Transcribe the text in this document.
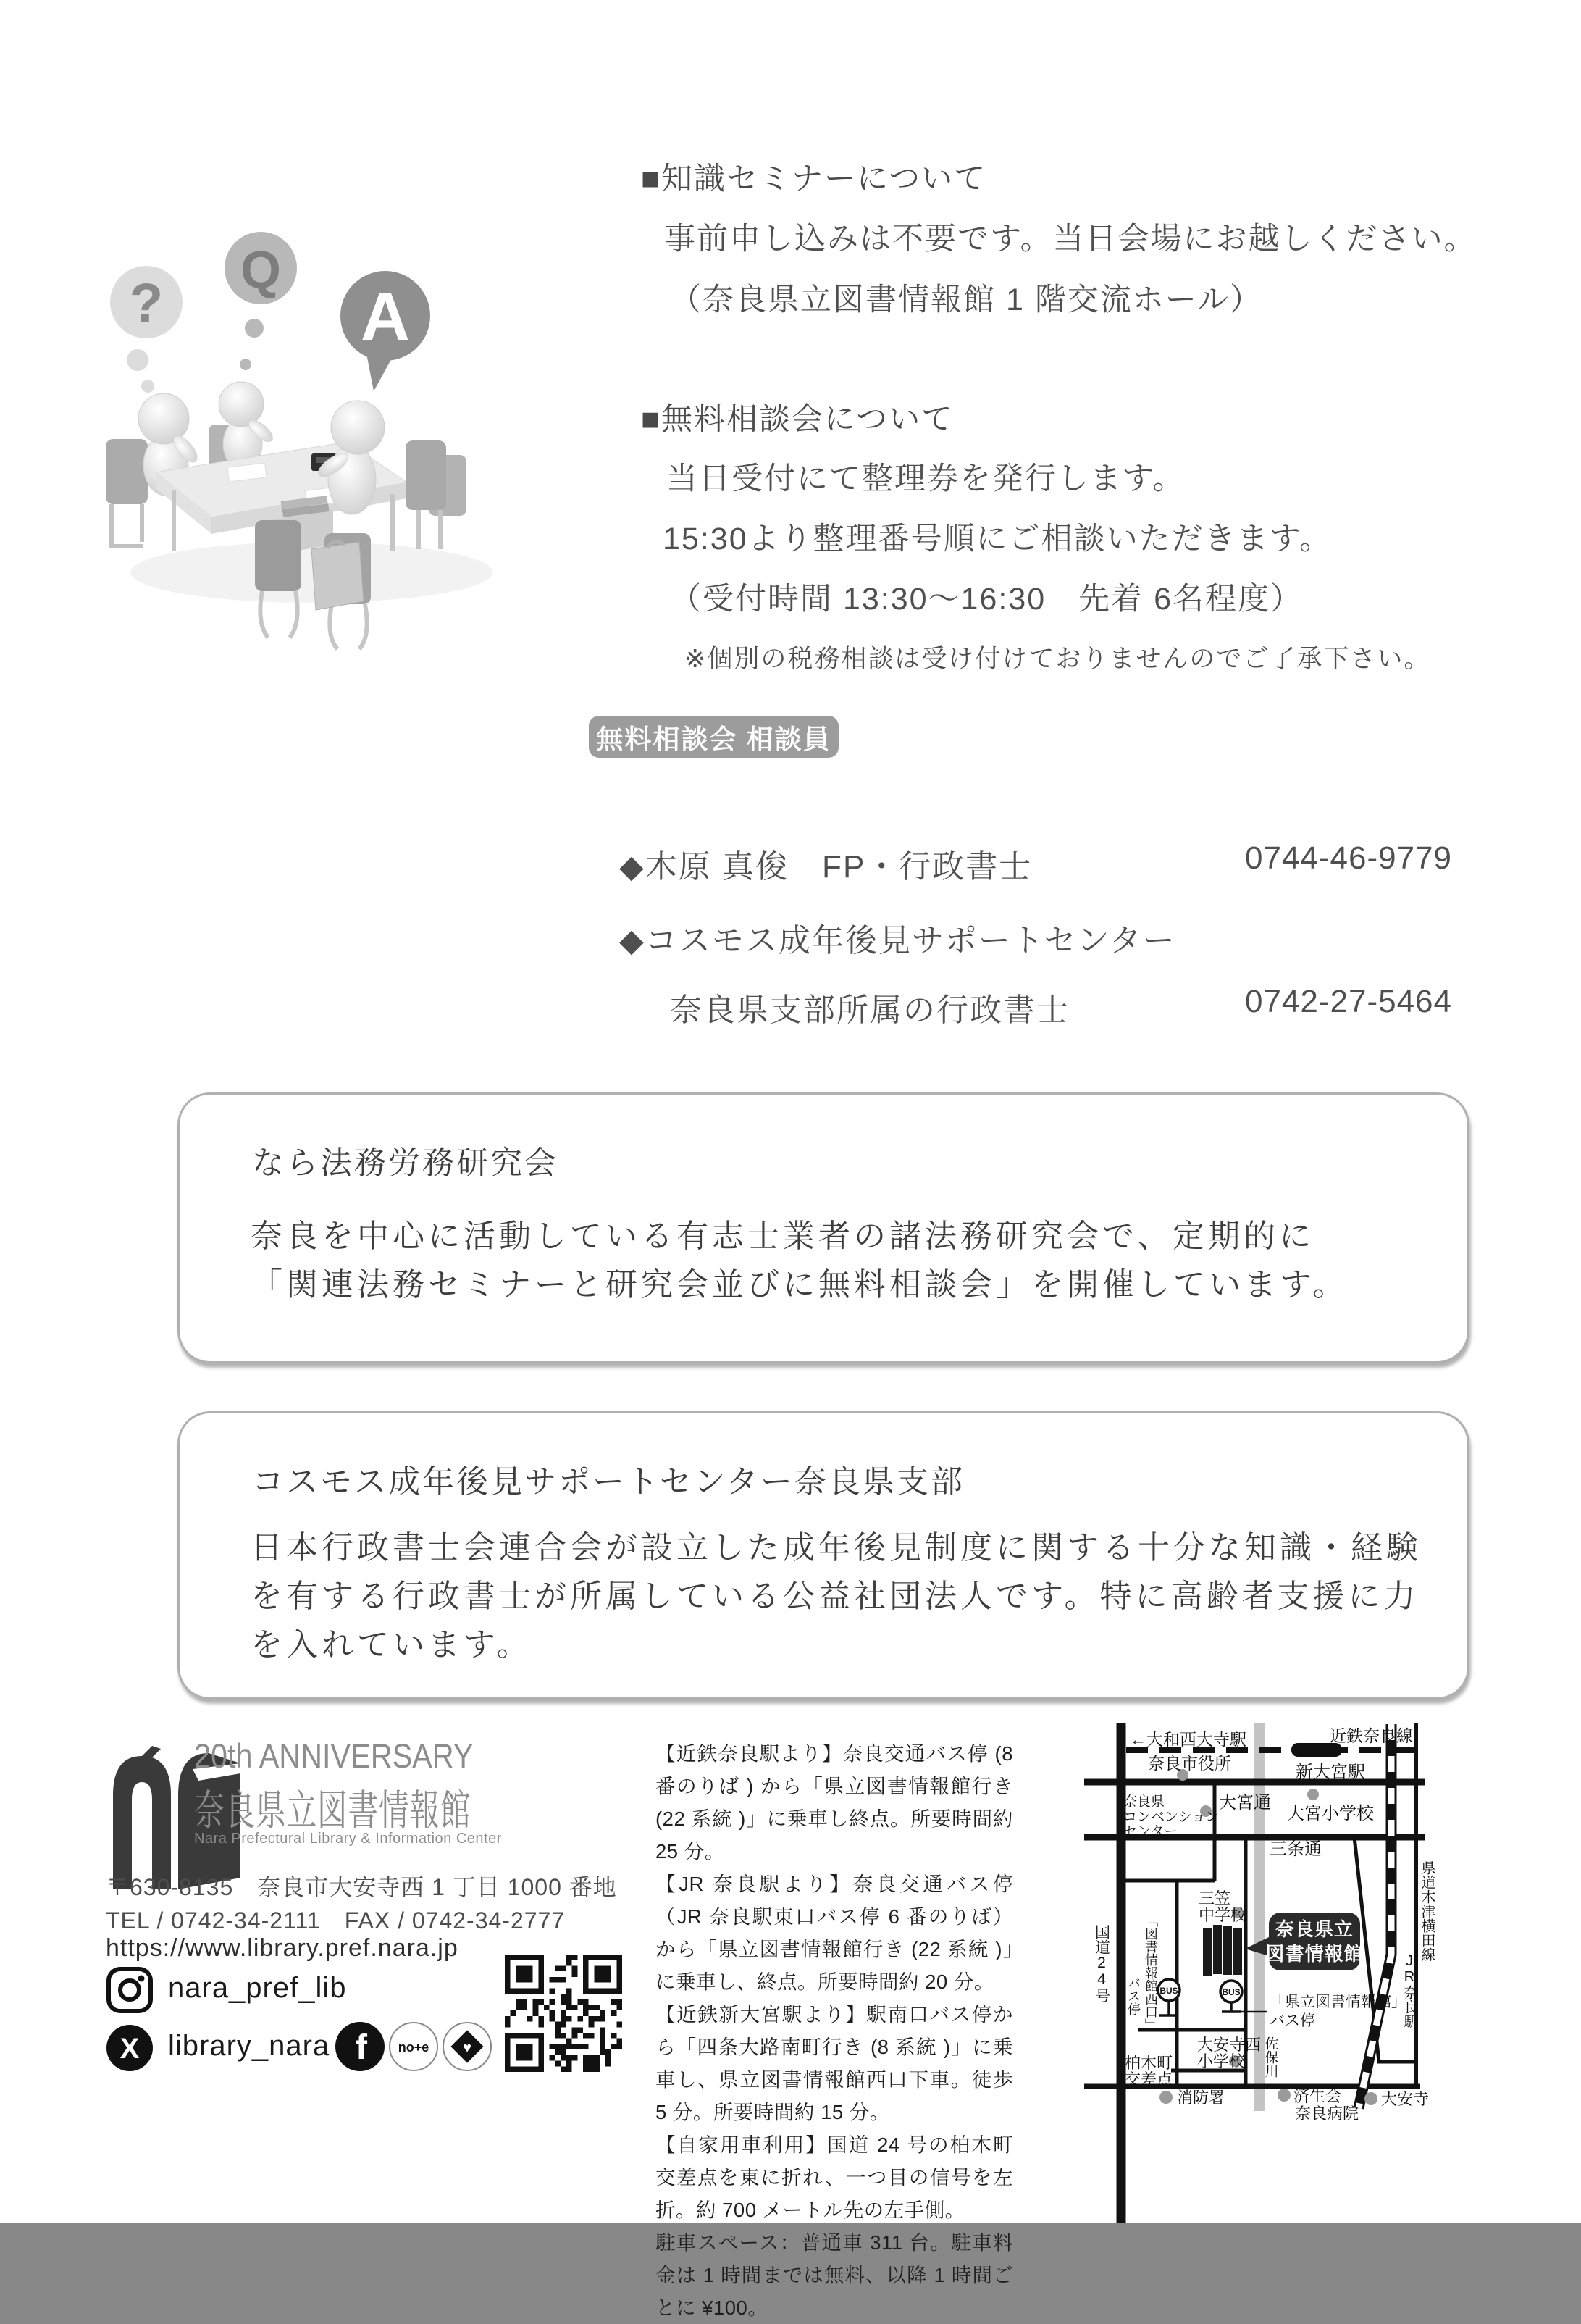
■知識セミナーについて
事前申し込みは不要です。当日会場にお越しください。
（奈良県立図書情報館 1 階交流ホール）
■無料相談会について
当日受付にて整理券を発行します。
15:30より整理番号順にご相談いただきます。
（受付時間 13:30～16:30　先着 6名程度）
※個別の税務相談は受け付けておりませんのでご了承下さい。
?
Q
A
無料相談会 相談員
◆木原 真俊　FP・行政書士	0744-46-9779
◆コスモス成年後見サポートセンター
奈良県支部所属の行政書士	0742-27-5464
なら法務労務研究会
奈良を中心に活動している有志士業者の諸法務研究会で、定期的に
「関連法務セミナーと研究会並びに無料相談会」を開催しています。
コスモス成年後見サポートセンター奈良県支部
日本行政書士会連合会が設立した成年後見制度に関する十分な知識・経験
を有する行政書士が所属している公益社団法人です。特に高齢者支援に力
を入れています。
20th ANNIVERSARY
奈良県立図書情報館
Nara Prefectural Library & Information Center
〒630-8135　奈良市大安寺西 1 丁目 1000 番地
TEL / 0742-34-2111　FAX / 0742-34-2777
https://www.library.pref.nara.jp
nara_pref_lib
X library_nara f no+e ♥

【近鉄奈良駅より】奈良交通バス停 (8 番のりば ) から「県立図書情報館行き (22 系統 )」に乗車し終点。所要時間約 25 分。

【JR 奈良駅より】奈良交通バス停（JR 奈良駅東口バス停 6 番のりば）から「県立図書情報館行き (22 系統 )」に乗車し、終点。所要時間約 20 分。

【近鉄新大宮駅より】駅南口バス停から「四条大路南町行き (8 系統 )」に乗車し、県立図書情報館西口下車。徒歩 5 分。所要時間約 15 分。

【自家用車利用】国道 24 号の柏木町交差点を東に折れ、一つ目の信号を左折。約 700 メートル先の左手側。

駐車スペース：普通車 311 台。駐車料金は 1 時間までは無料、以降 1 時間ごとに ¥100。

奈良県立
図書情報館
BUS	BUS
←大和西大寺駅	近鉄奈良線
新大宮駅
奈良市役所
大宮通
大宮小学校
奈良県
コンベンション
センター
三条通
三笠
中学校
「図書情報館西口」
バス停	「県立図書情報館」
バス停
大安寺西
小学校
柏木町
交差点
国道24号
消防署	済生会
奈良病院
大安寺
佐保川
JR奈良駅
県道木津横田線
